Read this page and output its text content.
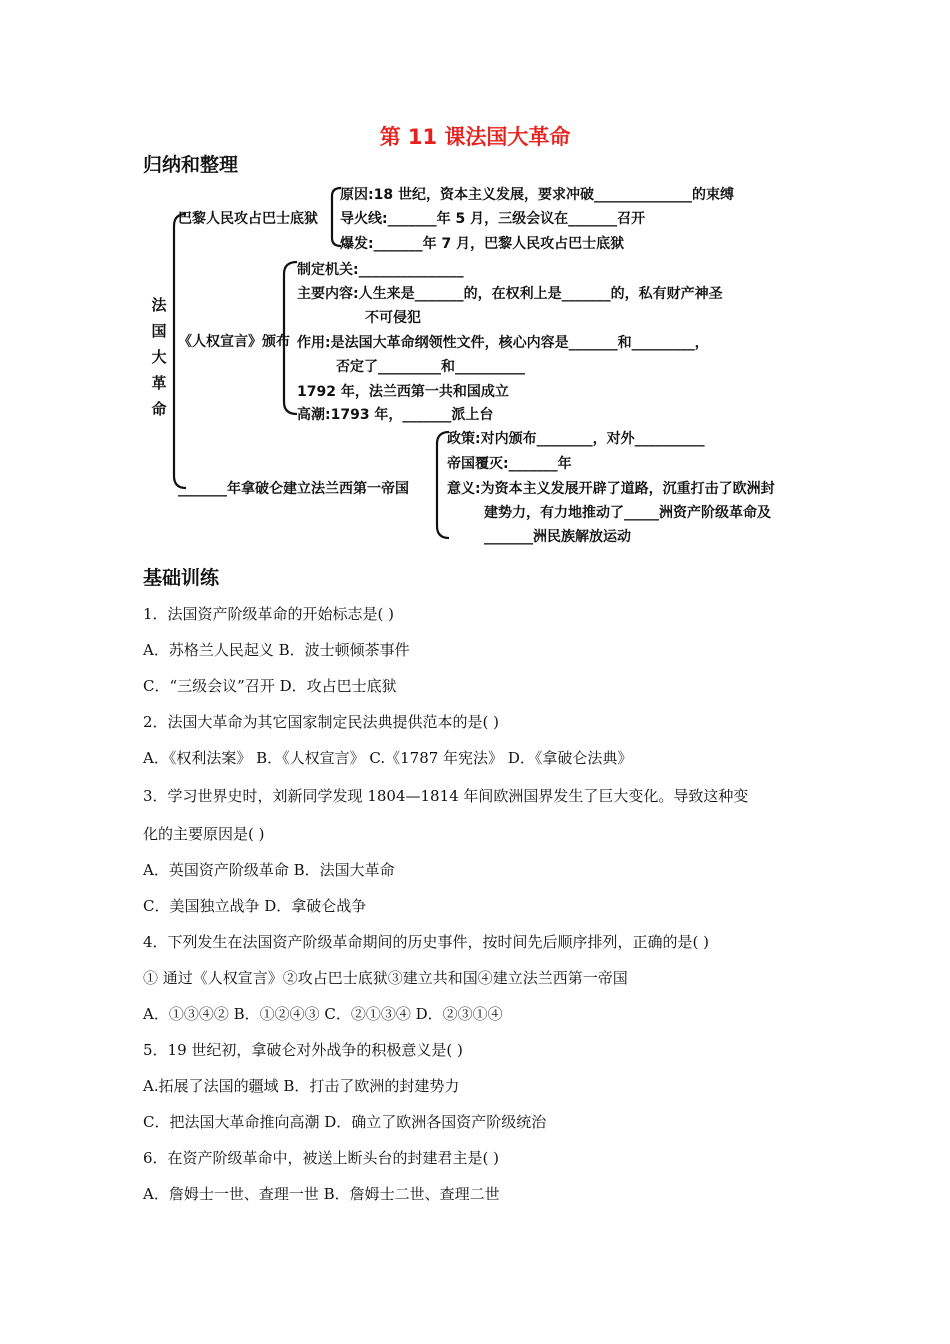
第 11 课法国大革命
归纳和整理
法
国
大
革
命
巴黎人民攻占巴士底狱
原因:18 世纪，资本主义发展，要求冲破______________的束缚
导火线:_______年 5 月，三级会议在_______召开
爆发:_______年 7 月，巴黎人民攻占巴士底狱
《人权宣言》颁布
制定机关:_______________
主要内容:人生来是_______的，在权利上是_______的，私有财产神圣
不可侵犯
作用:是法国大革命纲领性文件，核心内容是_______和_________，
否定了_________和__________
1792 年，法兰西第一共和国成立
高潮:1793 年，_______派上台
_______年拿破仑建立法兰西第一帝国
政策:对内颁布________，对外__________
帝国覆灭:_______年
意义:为资本主义发展开辟了道路，沉重打击了欧洲封
建势力，有力地推动了_____洲资产阶级革命及
_______洲民族解放运动
基础训练
1．法国资产阶级革命的开始标志是( )
A．苏格兰人民起义 B．波士顿倾茶事件
C．“三级会议”召开 D．攻占巴士底狱
2．法国大革命为其它国家制定民法典提供范本的是( )
A．《权利法案》 B．《人权宣言》 C.《1787 年宪法》 D．《拿破仑法典》
3．学习世界史时，刘新同学发现 1804—1814 年间欧洲国界发生了巨大变化。导致这种变
化的主要原因是( )
A．英国资产阶级革命 B．法国大革命
C．美国独立战争 D．拿破仑战争
4．下列发生在法国资产阶级革命期间的历史事件，按时间先后顺序排列，正确的是( )
① 通过《人权宣言》②攻占巴士底狱③建立共和国④建立法兰西第一帝国
A．①③④② B．①②④③ C．②①③④ D．②③①④
5．19 世纪初，拿破仑对外战争的积极意义是( )
A.拓展了法国的疆域 B．打击了欧洲的封建势力
C．把法国大革命推向高潮 D．确立了欧洲各国资产阶级统治
6．在资产阶级革命中，被送上断头台的封建君主是( )
A．詹姆士一世、查理一世 B．詹姆士二世、查理二世
